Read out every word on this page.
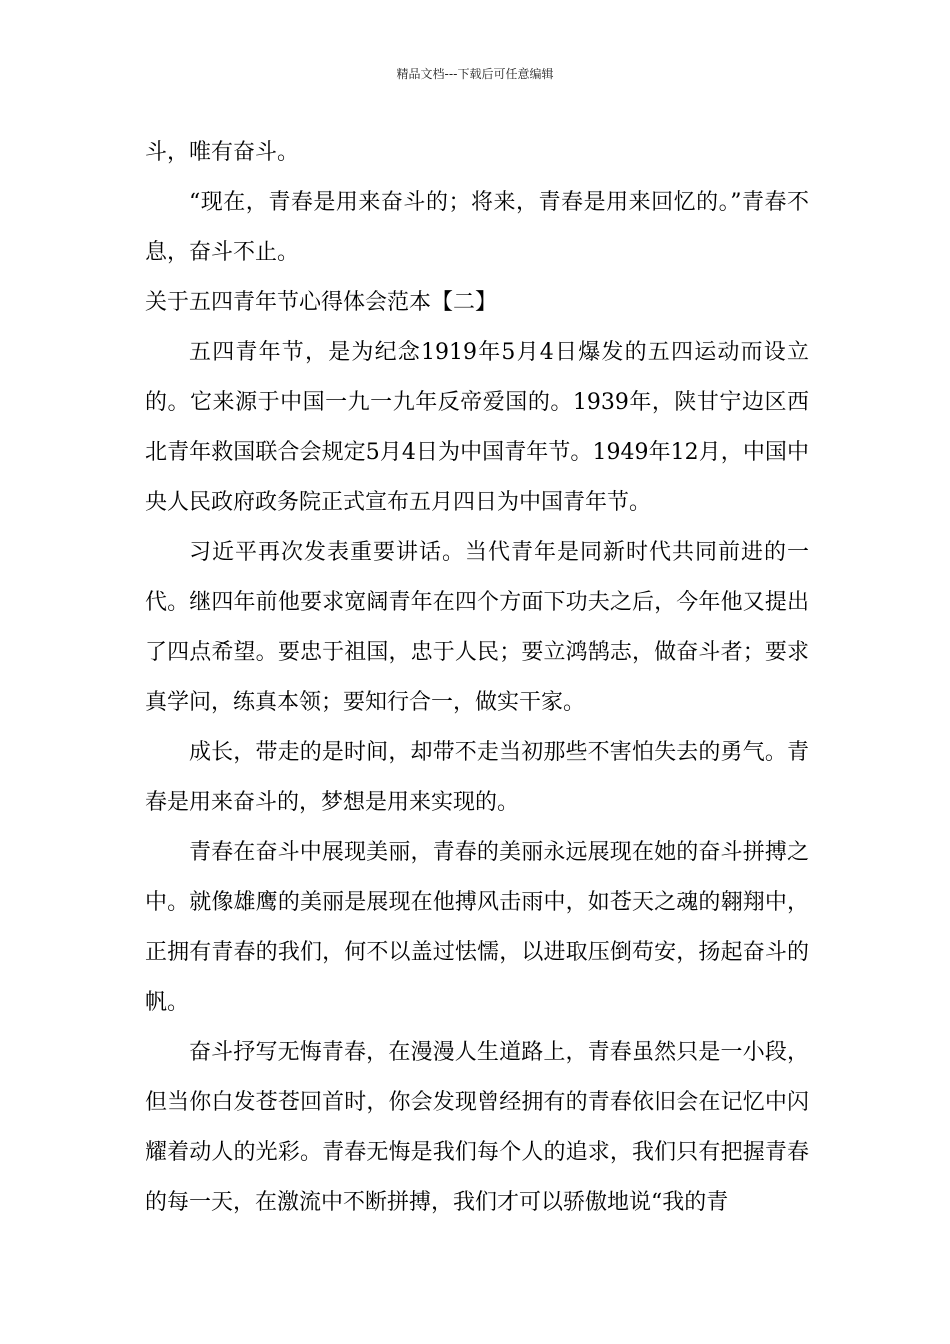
精品文档---下载后可任意编辑

斗，唯有奋斗。

“现在，青春是用来奋斗的；将来，青春是用来回忆的。”青春不息，奋斗不止。

关于五四青年节心得体会范本【二】

五四青年节，是为纪念1919年5月4日爆发的五四运动而设立的。它来源于中国一九一九年反帝爱国的。1939年，陕甘宁边区西北青年救国联合会规定5月4日为中国青年节。1949年12月，中国中央人民政府政务院正式宣布五月四日为中国青年节。

习近平再次发表重要讲话。当代青年是同新时代共同前进的一代。继四年前他要求宽阔青年在四个方面下功夫之后，今年他又提出了四点希望。要忠于祖国，忠于人民；要立鸿鹄志，做奋斗者；要求真学问，练真本领；要知行合一，做实干家。

成长，带走的是时间，却带不走当初那些不害怕失去的勇气。青春是用来奋斗的，梦想是用来实现的。

青春在奋斗中展现美丽，青春的美丽永远展现在她的奋斗拼搏之中。就像雄鹰的美丽是展现在他搏风击雨中，如苍天之魂的翱翔中，正拥有青春的我们，何不以盖过怯懦，以进取压倒苟安，扬起奋斗的帆。

奋斗抒写无悔青春，在漫漫人生道路上，青春虽然只是一小段，但当你白发苍苍回首时，你会发现曾经拥有的青春依旧会在记忆中闪耀着动人的光彩。青春无悔是我们每个人的追求，我们只有把握青春的每一天，在激流中不断拼搏，我们才可以骄傲地说“我的青
